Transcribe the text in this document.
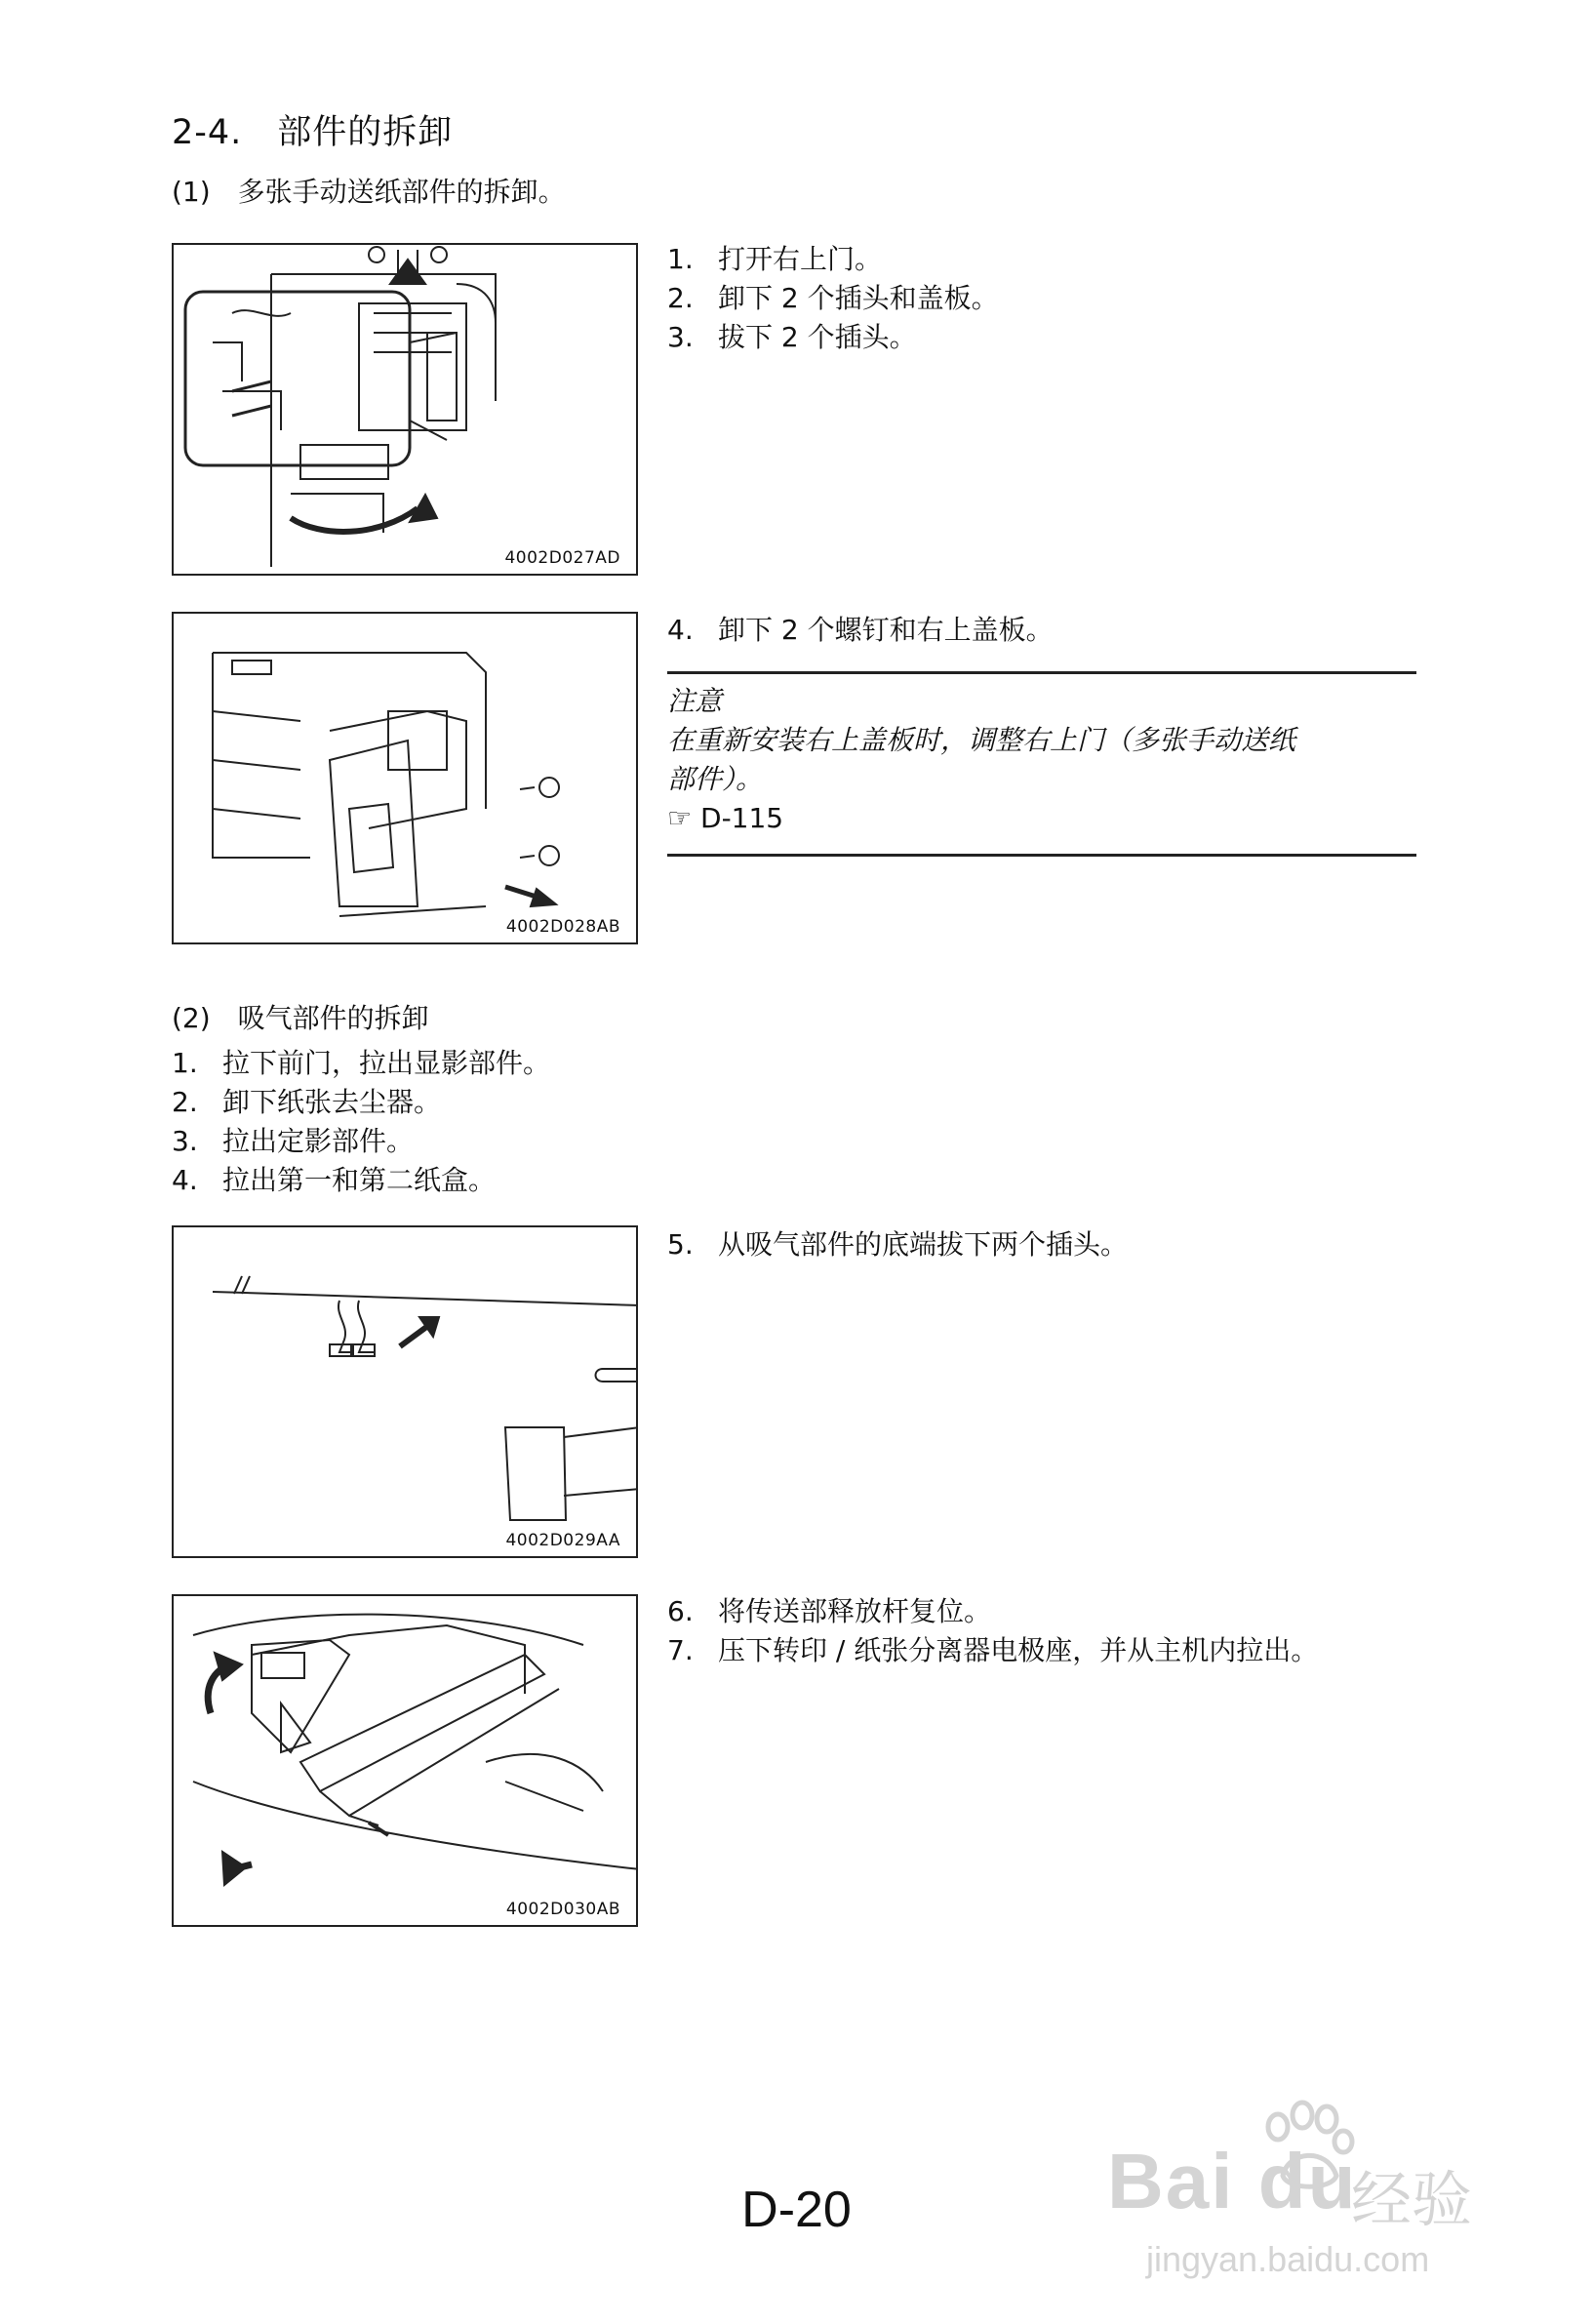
2-4.　部件的拆卸
(1)　多张手动送纸部件的拆卸。
4002D027AD
1. 打开右上门。
2. 卸下 2 个插头和盖板。
3. 拔下 2 个插头。
4002D028AB
4. 卸下 2 个螺钉和右上盖板。
注意
在重新安装右上盖板时，调整右上门（多张手动送纸
部件）。
☞ D-115
(2)　吸气部件的拆卸
1. 拉下前门，拉出显影部件。
2. 卸下纸张去尘器。
3. 拉出定影部件。
4. 拉出第一和第二纸盒。
4002D029AA
5. 从吸气部件的底端拔下两个插头。
4002D030AB
6. 将传送部释放杆复位。
7. 压下转印 / 纸张分离器电极座，并从主机内拉出。
Bai du
经验
jingyan.baidu.com
D-20
